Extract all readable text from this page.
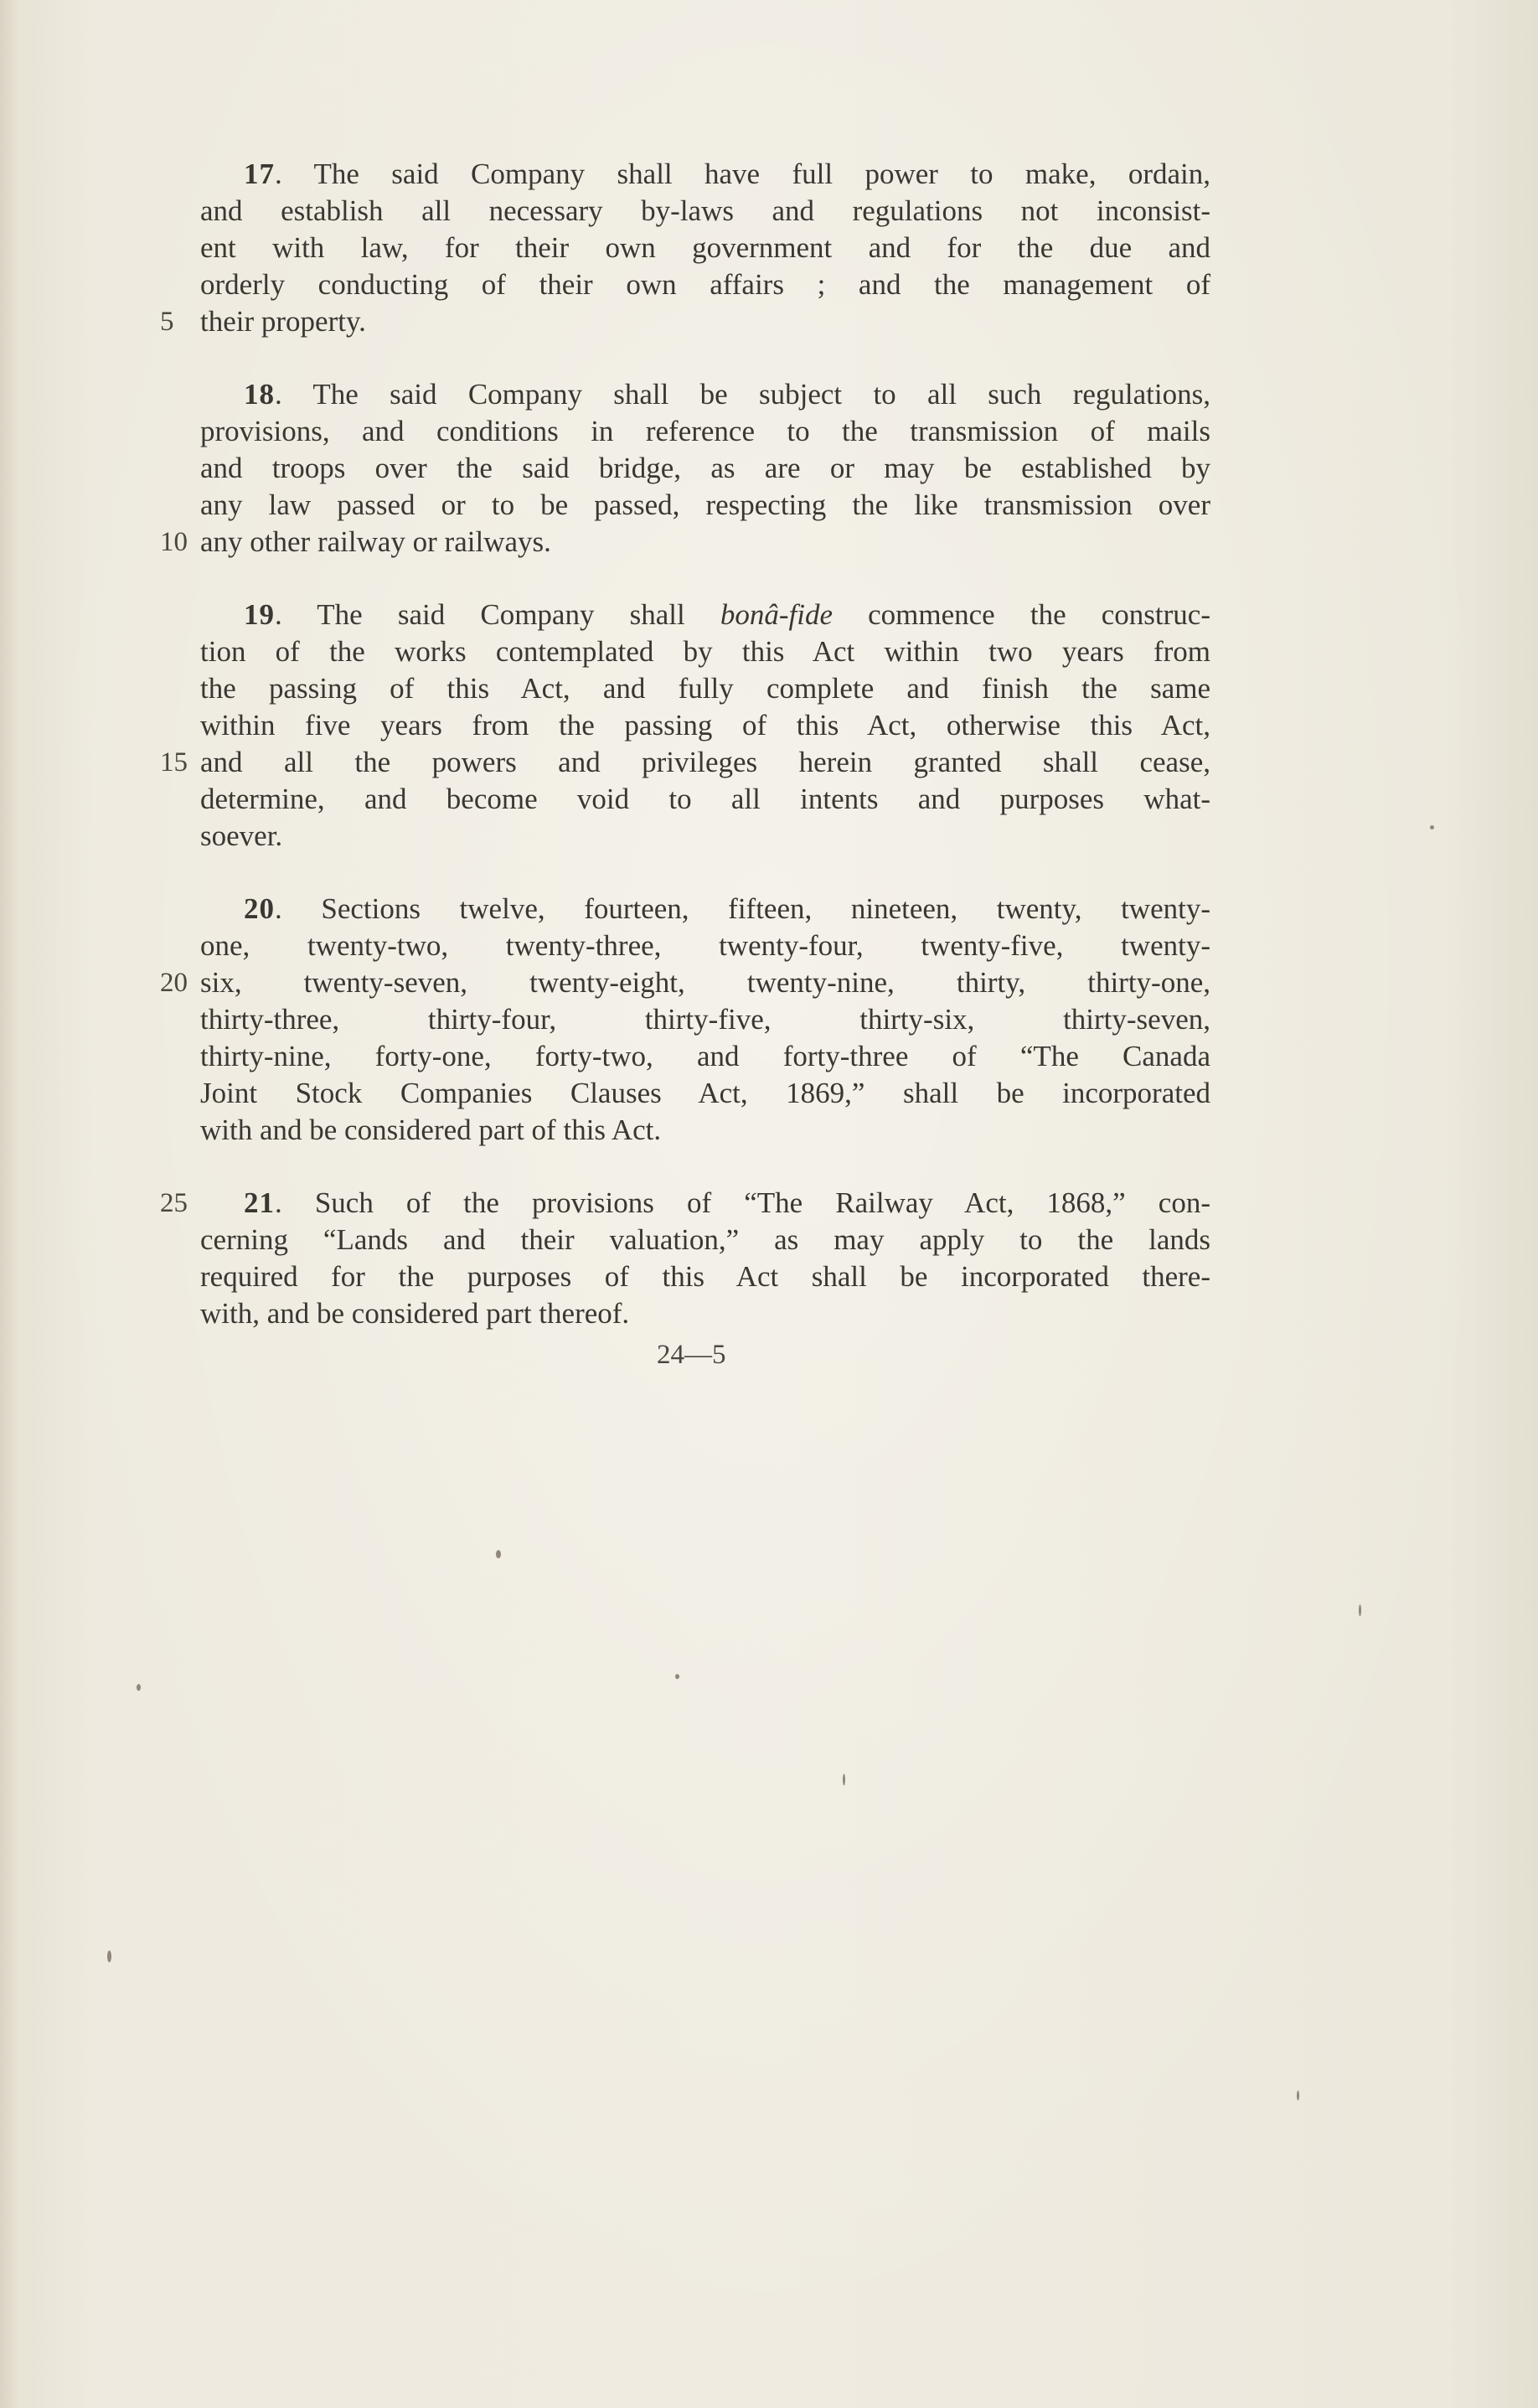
17. The said Company shall have full power to make, ordain,
and establish all necessary by-laws and regulations not inconsist-
ent with law, for their own government and for the due and
orderly conducting of their own affairs ; and the management of
5 their property.
18. The said Company shall be subject to all such regulations,
provisions, and conditions in reference to the transmission of mails
and troops over the said bridge, as are or may be established by
any law passed or to be passed, respecting the like transmission over
10 any other railway or railways.
19. The said Company shall bonâ-fide commence the construc-
tion of the works contemplated by this Act within two years from
the passing of this Act, and fully complete and finish the same
within five years from the passing of this Act, otherwise this Act,
15 and all the powers and privileges herein granted shall cease,
determine, and become void to all intents and purposes what-
soever.
20. Sections twelve, fourteen, fifteen, nineteen, twenty, twenty-
one, twenty-two, twenty-three, twenty-four, twenty-five, twenty-
20 six, twenty-seven, twenty-eight, twenty-nine, thirty, thirty-one,
thirty-three, thirty-four, thirty-five, thirty-six, thirty-seven,
thirty-nine, forty-one, forty-two, and forty-three of “The Canada
Joint Stock Companies Clauses Act, 1869,” shall be incorporated
with and be considered part of this Act.
25 21. Such of the provisions of “The Railway Act, 1868,” con-
cerning “Lands and their valuation,” as may apply to the lands
required for the purposes of this Act shall be incorporated there-
with, and be considered part thereof.
24—5
